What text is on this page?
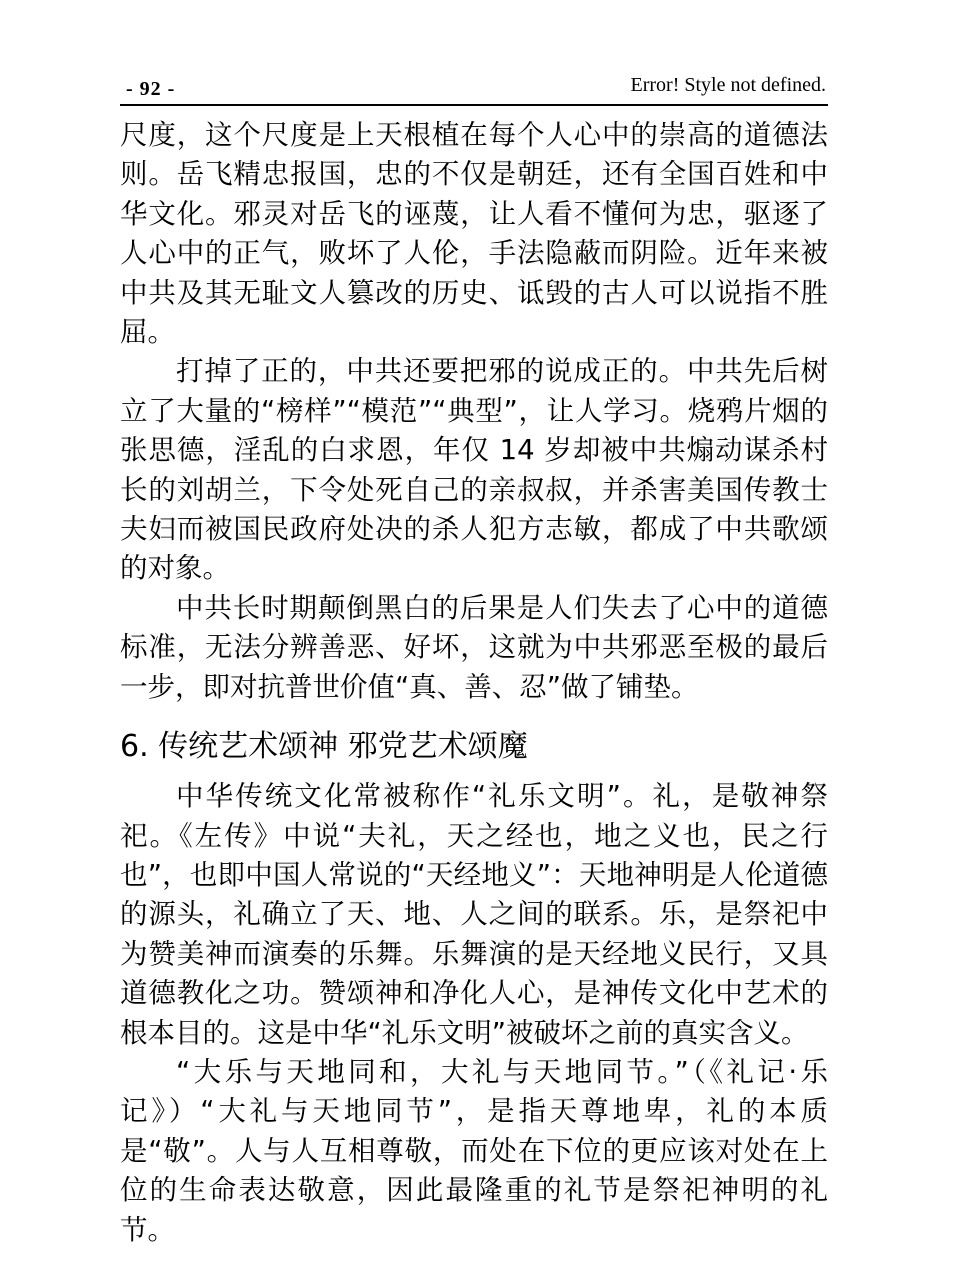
- 92 -	Error! Style not defined.

尺度，这个尺度是上天根植在每个人心中的崇高的道德法则。岳飞精忠报国，忠的不仅是朝廷，还有全国百姓和中华文化。邪灵对岳飞的诬蔑，让人看不懂何为忠，驱逐了人心中的正气，败坏了人伦，手法隐蔽而阴险。近年来被中共及其无耻文人篡改的历史、诋毁的古人可以说指不胜屈。

打掉了正的，中共还要把邪的说成正的。中共先后树立了大量的“榜样”“模范”“典型”，让人学习。烧鸦片烟的张思德，淫乱的白求恩，年仅 14 岁却被中共煽动谋杀村长的刘胡兰，下令处死自己的亲叔叔，并杀害美国传教士夫妇而被国民政府处决的杀人犯方志敏，都成了中共歌颂的对象。

中共长时期颠倒黑白的后果是人们失去了心中的道德标准，无法分辨善恶、好坏，这就为中共邪恶至极的最后一步，即对抗普世价值“真、善、忍”做了铺垫。

6. 传统艺术颂神 邪党艺术颂魔

中华传统文化常被称作“礼乐文明”。礼，是敬神祭祀。《左传》中说“夫礼，天之经也，地之义也，民之行也”，也即中国人常说的“天经地义”：天地神明是人伦道德的源头，礼确立了天、地、人之间的联系。乐，是祭祀中为赞美神而演奏的乐舞。乐舞演的是天经地义民行，又具道德教化之功。赞颂神和净化人心，是神传文化中艺术的根本目的。这是中华“礼乐文明”被破坏之前的真实含义。

“大乐与天地同和，大礼与天地同节。”（《礼记·乐记》）“大礼与天地同节”，是指天尊地卑，礼的本质是“敬”。人与人互相尊敬，而处在下位的更应该对处在上位的生命表达敬意，因此最隆重的礼节是祭祀神明的礼节。
